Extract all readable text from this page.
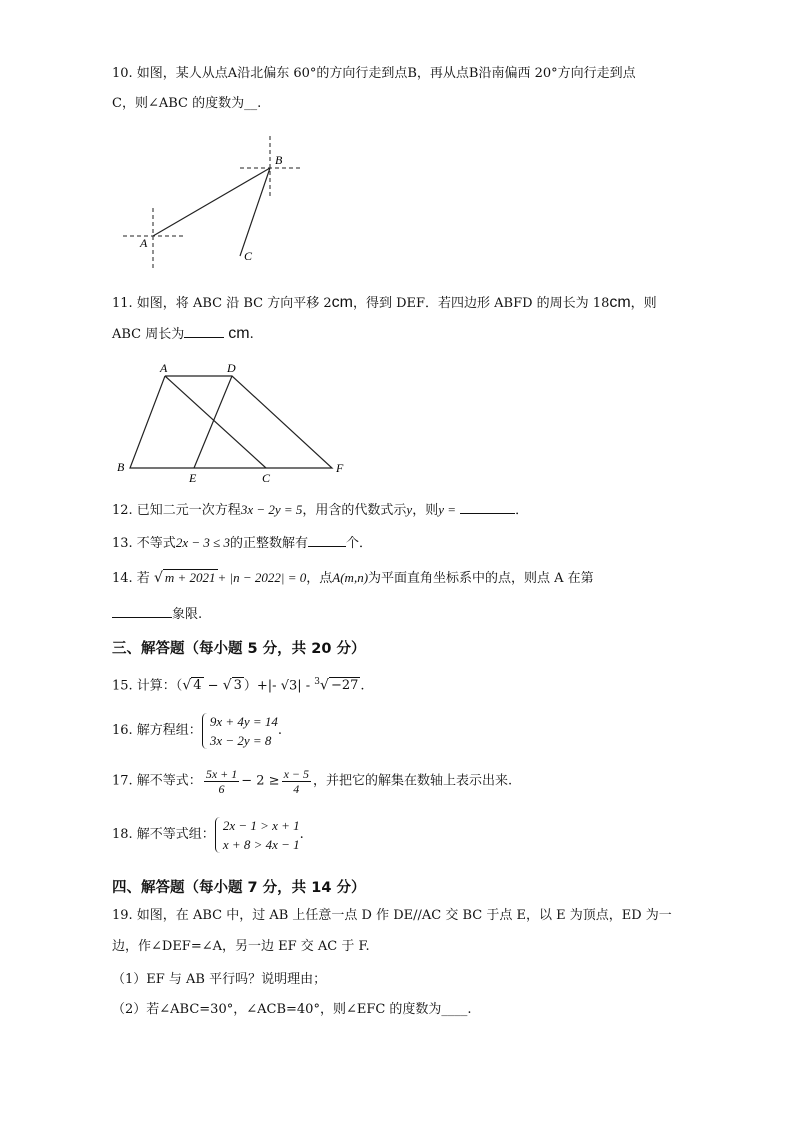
10. 如图，某人从点A沿北偏东 60°的方向行走到点B，再从点B沿南偏西 20°方向行走到点
C，则∠ABC 的度数为__.
A
B
C
11. 如图，将 ABC 沿 BC 方向平移 2cm，得到 DEF．若四边形 ABFD 的周长为 18cm，则
ABC 周长为	cm.
A	D
B
E	C
F
12. 已知二元一次方程3x − 2y = 5，用含的代数式示y，则y =	．
13. 不等式2x − 3 ≤ 3的正整数解有	个．
14. 若 √ m + 2021 + |n − 2022| = 0，点A(m,n)为平面直角坐标系中的点，则点 A 在第
象限.
三、解答题（每小题 5 分，共 20 分）
15. 计算：（√ 4 − √ 3 ）+|- √3| - $^3$√ −27 .
16. 解方程组：
9x + 4y = 14
3x − 2y = 8
.
17. 解不等式： $\frac{5x + 1}{6} - 2 \ge \frac{x - 5}{4}$ ，并把它的解集在数轴上表示出来.
18. 解不等式组：
2x − 1 > x + 1
x + 8 > 4x − 1
.
四、解答题（每小题 7 分，共 14 分）
19. 如图，在 ABC 中，过 AB 上任意一点 D 作 DE//AC 交 BC 于点 E，以 E 为顶点，ED 为一
边，作∠DEF=∠A，另一边 EF 交 AC 于 F.
（1）EF 与 AB 平行吗？说明理由；
（2）若∠ABC=30°，∠ACB=40°，则∠EFC 的度数为____.
